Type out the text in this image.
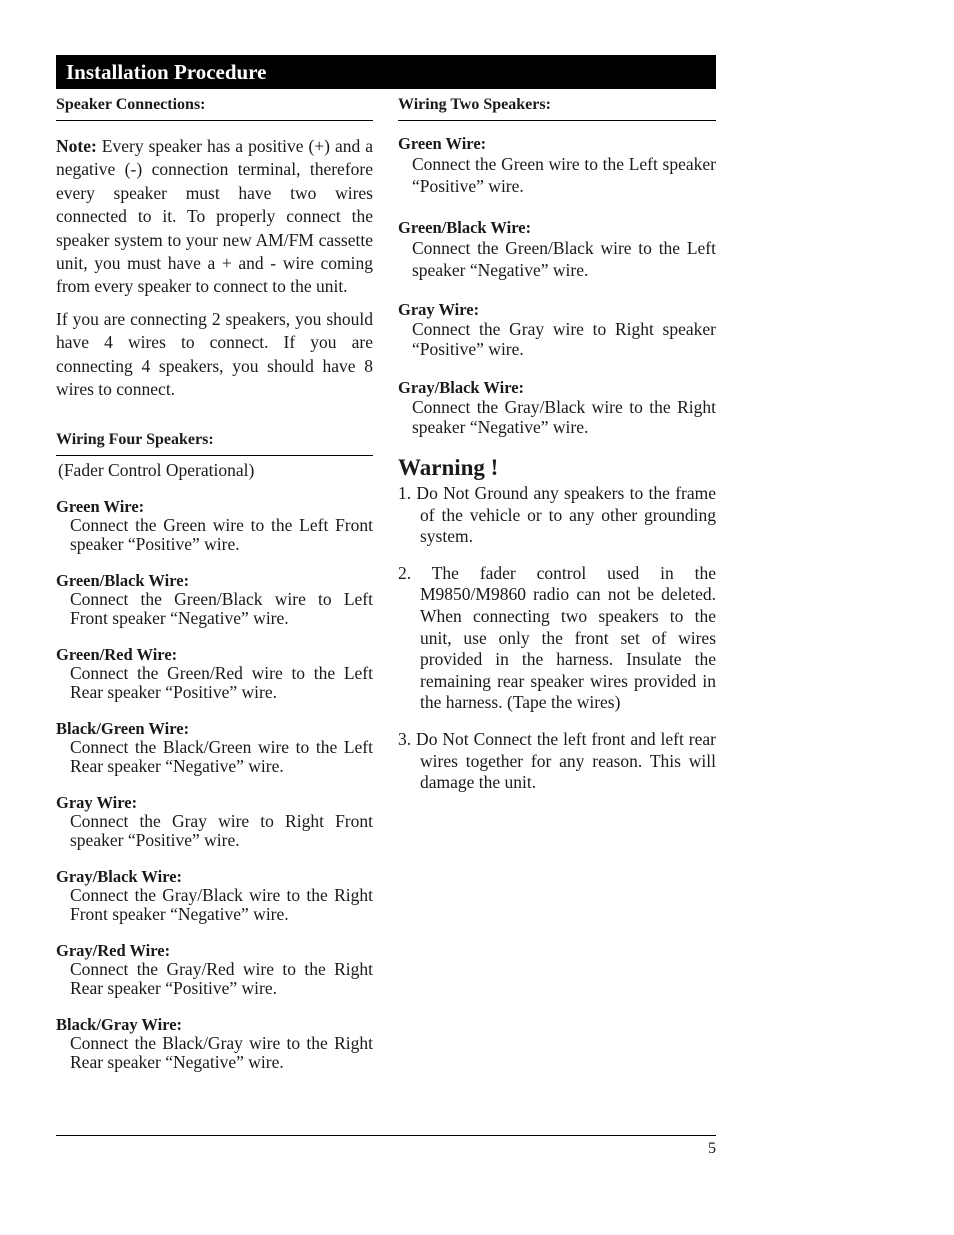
Installation Procedure
Speaker Connections:

Note: Every speaker has a positive (+) and a negative (-) connection terminal, therefore every speaker must have two wires connected to it. To properly connect the speaker system to your new AM/FM cassette unit, you must have a + and - wire coming from every speaker to connect to the unit.

If you are connecting 2 speakers, you should have 4 wires to connect. If you are connecting 4 speakers, you should have 8 wires to connect.

Wiring Four Speakers:

(Fader Control Operational)

Green Wire:

Connect the Green wire to the Left Front speaker “Positive” wire.

Green/Black Wire:

Connect the Green/Black wire to Left Front speaker “Negative” wire.

Green/Red Wire:

Connect the Green/Red wire to the Left Rear speaker “Positive” wire.

Black/Green Wire:

Connect the Black/Green wire to the Left Rear speaker “Negative” wire.

Gray Wire:

Connect the Gray wire to Right Front speaker “Positive” wire.

Gray/Black Wire:

Connect the Gray/Black wire to the Right Front speaker “Negative” wire.

Gray/Red Wire:

Connect the Gray/Red wire to the Right Rear speaker “Positive” wire.

Black/Gray Wire:

Connect the Black/Gray wire to the Right Rear speaker “Negative” wire.

Wiring Two Speakers:

Green Wire:

Connect the Green wire to the Left speaker “Positive” wire.

Green/Black Wire:

Connect the Green/Black wire to the Left speaker “Negative” wire.

Gray Wire:

Connect the Gray wire to Right speaker “Positive” wire.

Gray/Black Wire:

Connect the Gray/Black wire to the Right speaker “Negative” wire.

Warning !

1. Do Not Ground any speakers to the frame of the vehicle or to any other grounding system.

2. The fader control used in the M9850/M9860 radio can not be deleted. When connecting two speakers to the unit, use only the front set of wires provided in the harness. Insulate the remaining rear speaker wires provided in the harness. (Tape the wires)

3. Do Not Connect the left front and left rear wires together for any reason. This will damage the unit.

5
